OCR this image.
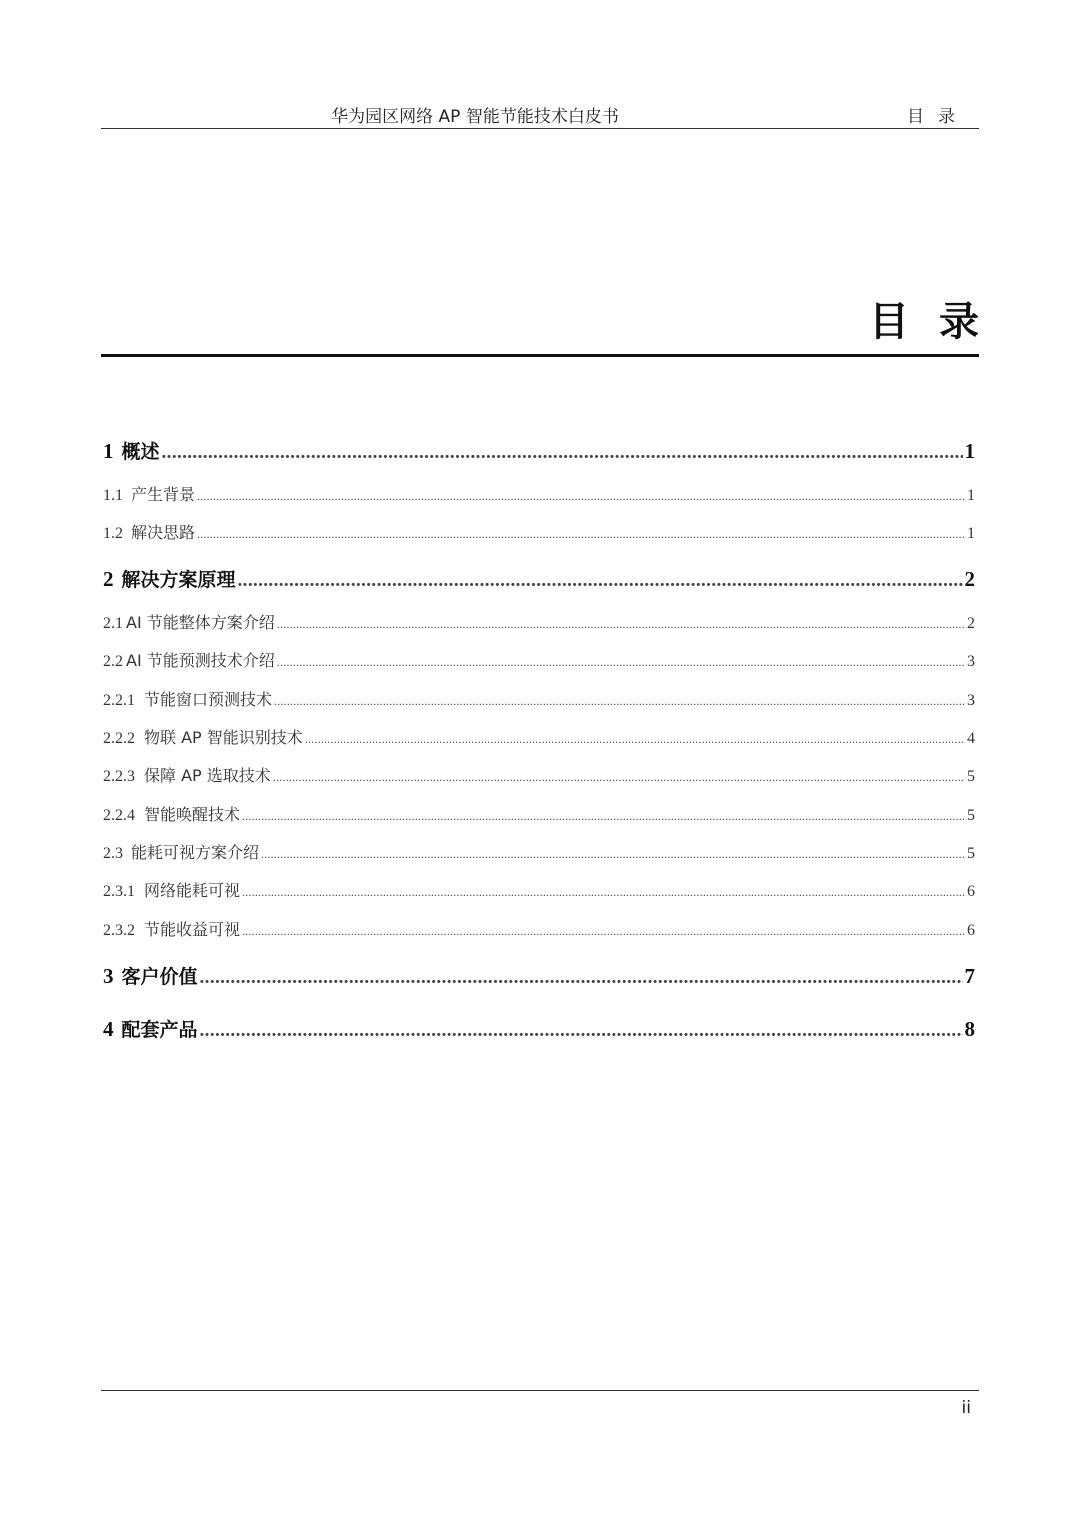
华为园区网络 AP 智能节能技术白皮书	目录
目录
1 概述 .....	1
1.1 产生背景 .....	1
1.2 解决思路 .....	1
2 解决方案原理 .....	2
2.1 AI 节能整体方案介绍 .....	2
2.2 AI 节能预测技术介绍 .....	3
2.2.1 节能窗口预测技术 .....	3
2.2.2 物联 AP 智能识别技术 .....	4
2.2.3 保障 AP 选取技术 .....	5
2.2.4 智能唤醒技术 .....	5
2.3 能耗可视方案介绍 .....	5
2.3.1 网络能耗可视 .....	6
2.3.2 节能收益可视 .....	6
3 客户价值 .....	7
4 配套产品 .....	8
ii
